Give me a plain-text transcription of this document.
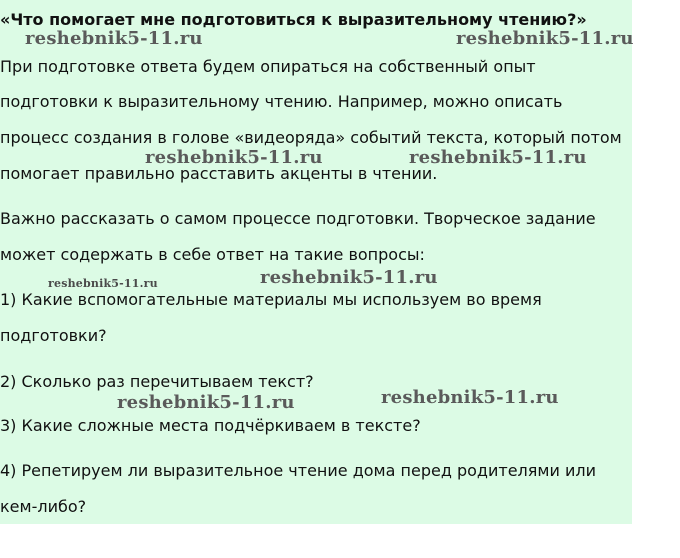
«Что помогает мне подготовиться к выразительному чтению?»
При подготовке ответа будем опираться на собственный опыт
подготовки к выразительному чтению. Например, можно описать
процесс создания в голове «видеоряда» событий текста, который потом
помогает правильно расставить акценты в чтении.
Важно рассказать о самом процессе подготовки. Творческое задание
может содержать в себе ответ на такие вопросы:
1) Какие вспомогательные материалы мы используем во время
подготовки?
2) Сколько раз перечитываем текст?
3) Какие сложные места подчёркиваем в тексте?
4) Репетируем ли выразительное чтение дома перед родителями или
кем-либо?
reshebnik5-11.ru	reshebnik5-11.ru
reshebnik5-11.ru	reshebnik5-11.ru
reshebnik5-11.ru	reshebnik5-11.ru
reshebnik5-11.ru	reshebnik5-11.ru
